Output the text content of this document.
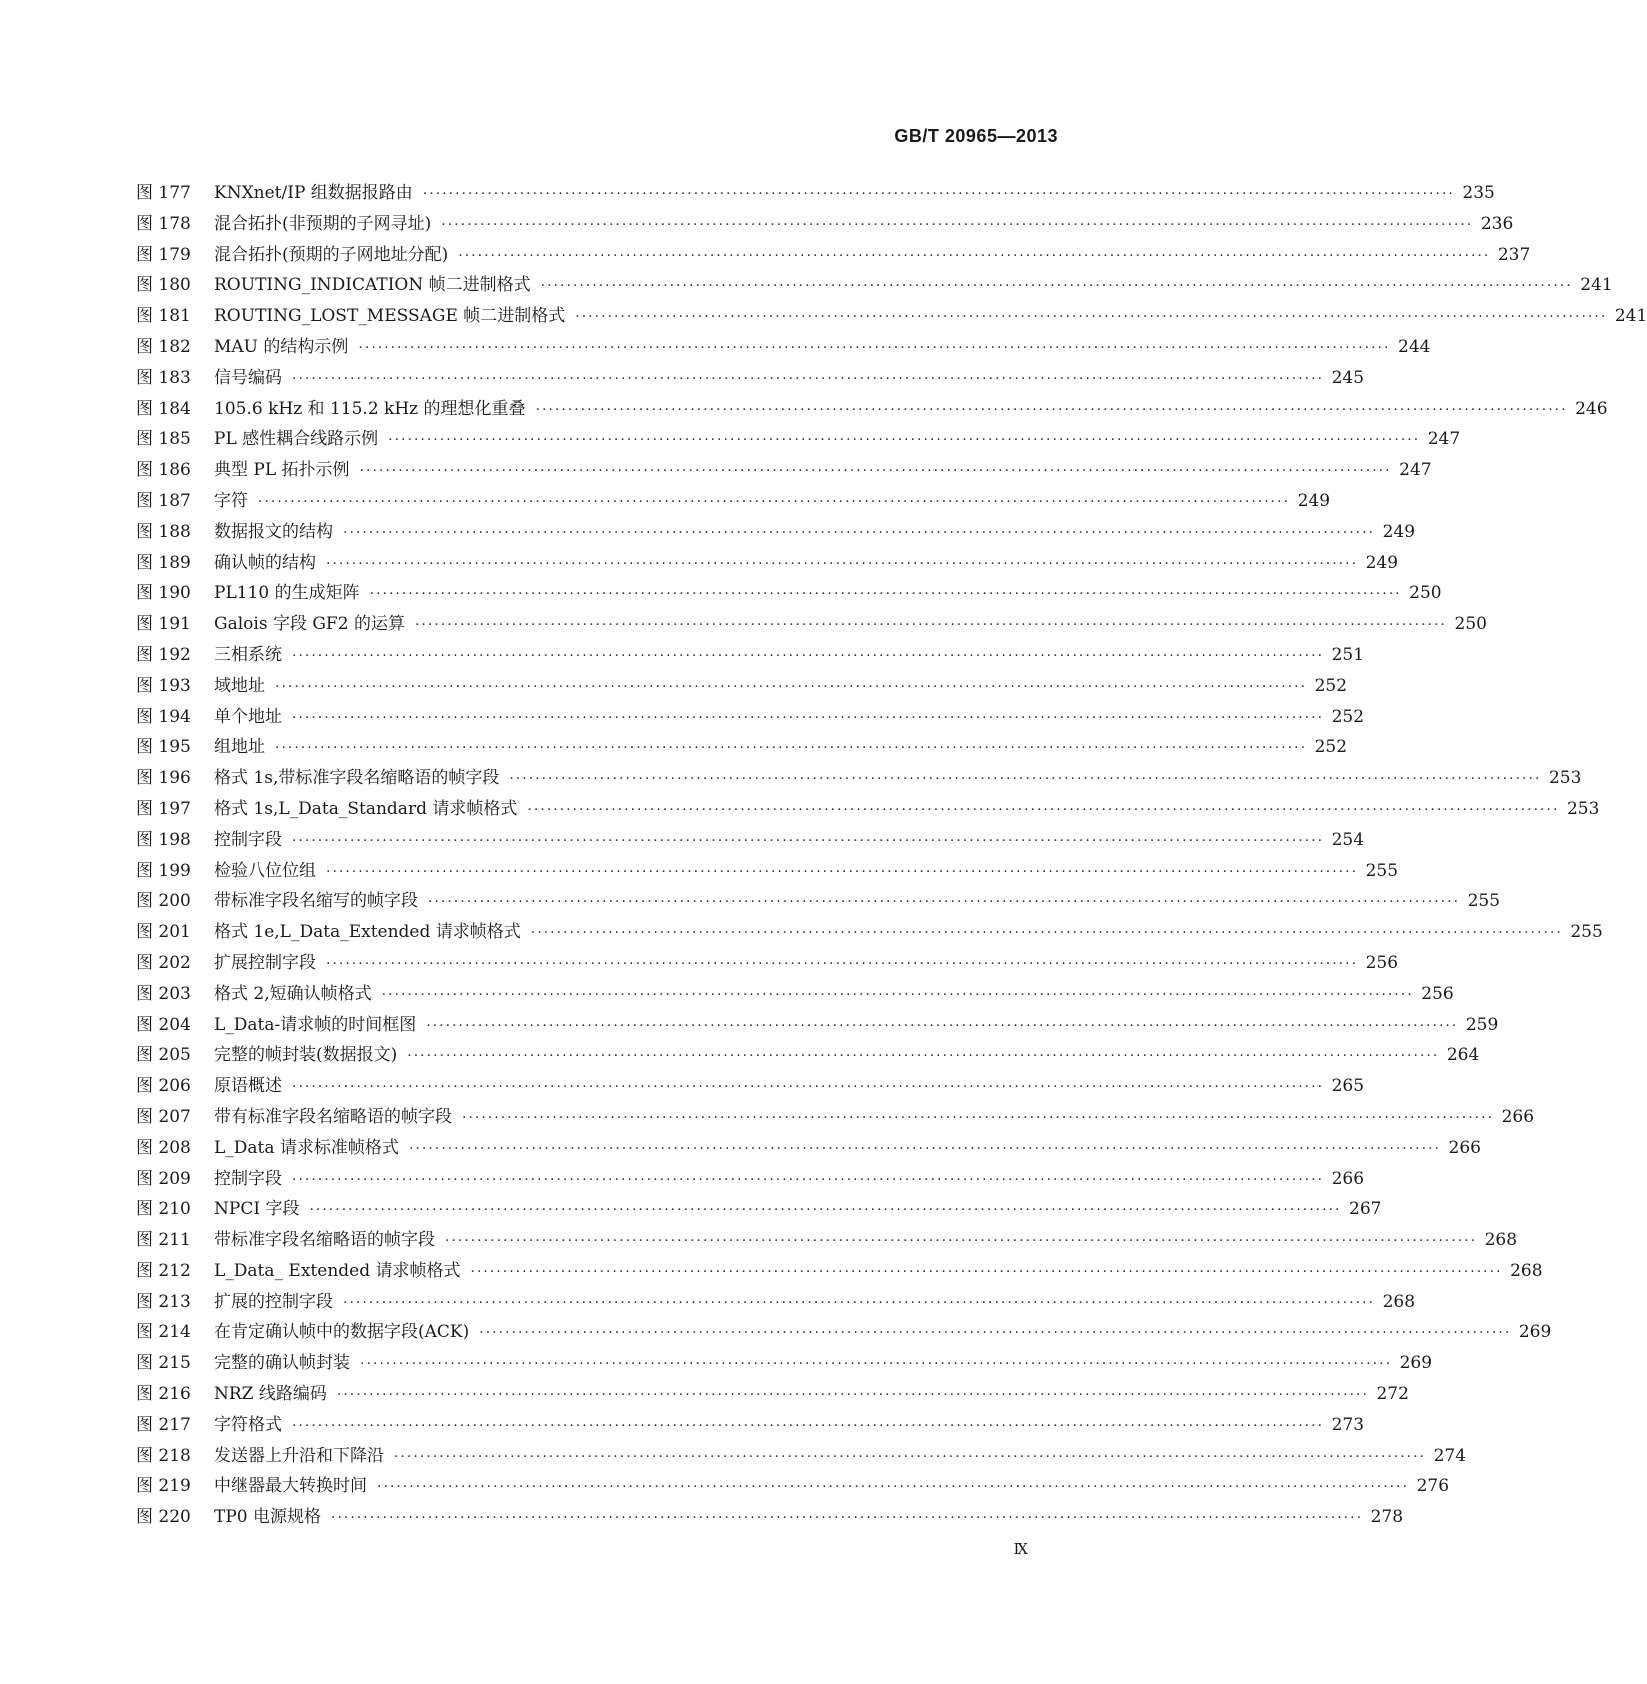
GB/T 20965—2013

图 177	KNXnet/IP 组数据报路由 ································································································································································ 235
图 178	混合拓扑(非预期的子网寻址) ································································································································································ 236
图 179	混合拓扑(预期的子网地址分配) ································································································································································ 237
图 180	ROUTING_INDICATION 帧二进制格式 ································································································································································ 241
图 181	ROUTING_LOST_MESSAGE 帧二进制格式 ································································································································································ 241
图 182	MAU 的结构示例 ································································································································································ 244
图 183	信号编码 ································································································································································ 245
图 184	105.6 kHz 和 115.2 kHz 的理想化重叠 ································································································································································ 246
图 185	PL 感性耦合线路示例 ································································································································································ 247
图 186	典型 PL 拓扑示例 ································································································································································ 247
图 187	字符 ································································································································································ 249
图 188	数据报文的结构 ································································································································································ 249
图 189	确认帧的结构 ································································································································································ 249
图 190	PL110 的生成矩阵 ································································································································································ 250
图 191	Galois 字段 GF2 的运算 ································································································································································ 250
图 192	三相系统 ································································································································································ 251
图 193	域地址 ································································································································································ 252
图 194	单个地址 ································································································································································ 252
图 195	组地址 ································································································································································ 252
图 196	格式 1s,带标准字段名缩略语的帧字段 ································································································································································ 253
图 197	格式 1s,L_Data_Standard 请求帧格式 ································································································································································ 253
图 198	控制字段 ································································································································································ 254
图 199	检验八位位组 ································································································································································ 255
图 200	带标准字段名缩写的帧字段 ································································································································································ 255
图 201	格式 1e,L_Data_Extended 请求帧格式 ································································································································································ 255
图 202	扩展控制字段 ································································································································································ 256
图 203	格式 2,短确认帧格式 ································································································································································ 256
图 204	L_Data-请求帧的时间框图 ································································································································································ 259
图 205	完整的帧封装(数据报文) ································································································································································ 264
图 206	原语概述 ································································································································································ 265
图 207	带有标准字段名缩略语的帧字段 ································································································································································ 266
图 208	L_Data 请求标准帧格式 ································································································································································ 266
图 209	控制字段 ································································································································································ 266
图 210	NPCI 字段 ································································································································································ 267
图 211	带标准字段名缩略语的帧字段 ································································································································································ 268
图 212	L_Data_ Extended 请求帧格式 ································································································································································ 268
图 213	扩展的控制字段 ································································································································································ 268
图 214	在肯定确认帧中的数据字段(ACK) ································································································································································ 269
图 215	完整的确认帧封装 ································································································································································ 269
图 216	NRZ 线路编码 ································································································································································ 272
图 217	字符格式 ································································································································································ 273
图 218	发送器上升沿和下降沿 ································································································································································ 274
图 219	中继器最大转换时间 ································································································································································ 276
图 220	TP0 电源规格 ································································································································································ 278

Ⅸ
